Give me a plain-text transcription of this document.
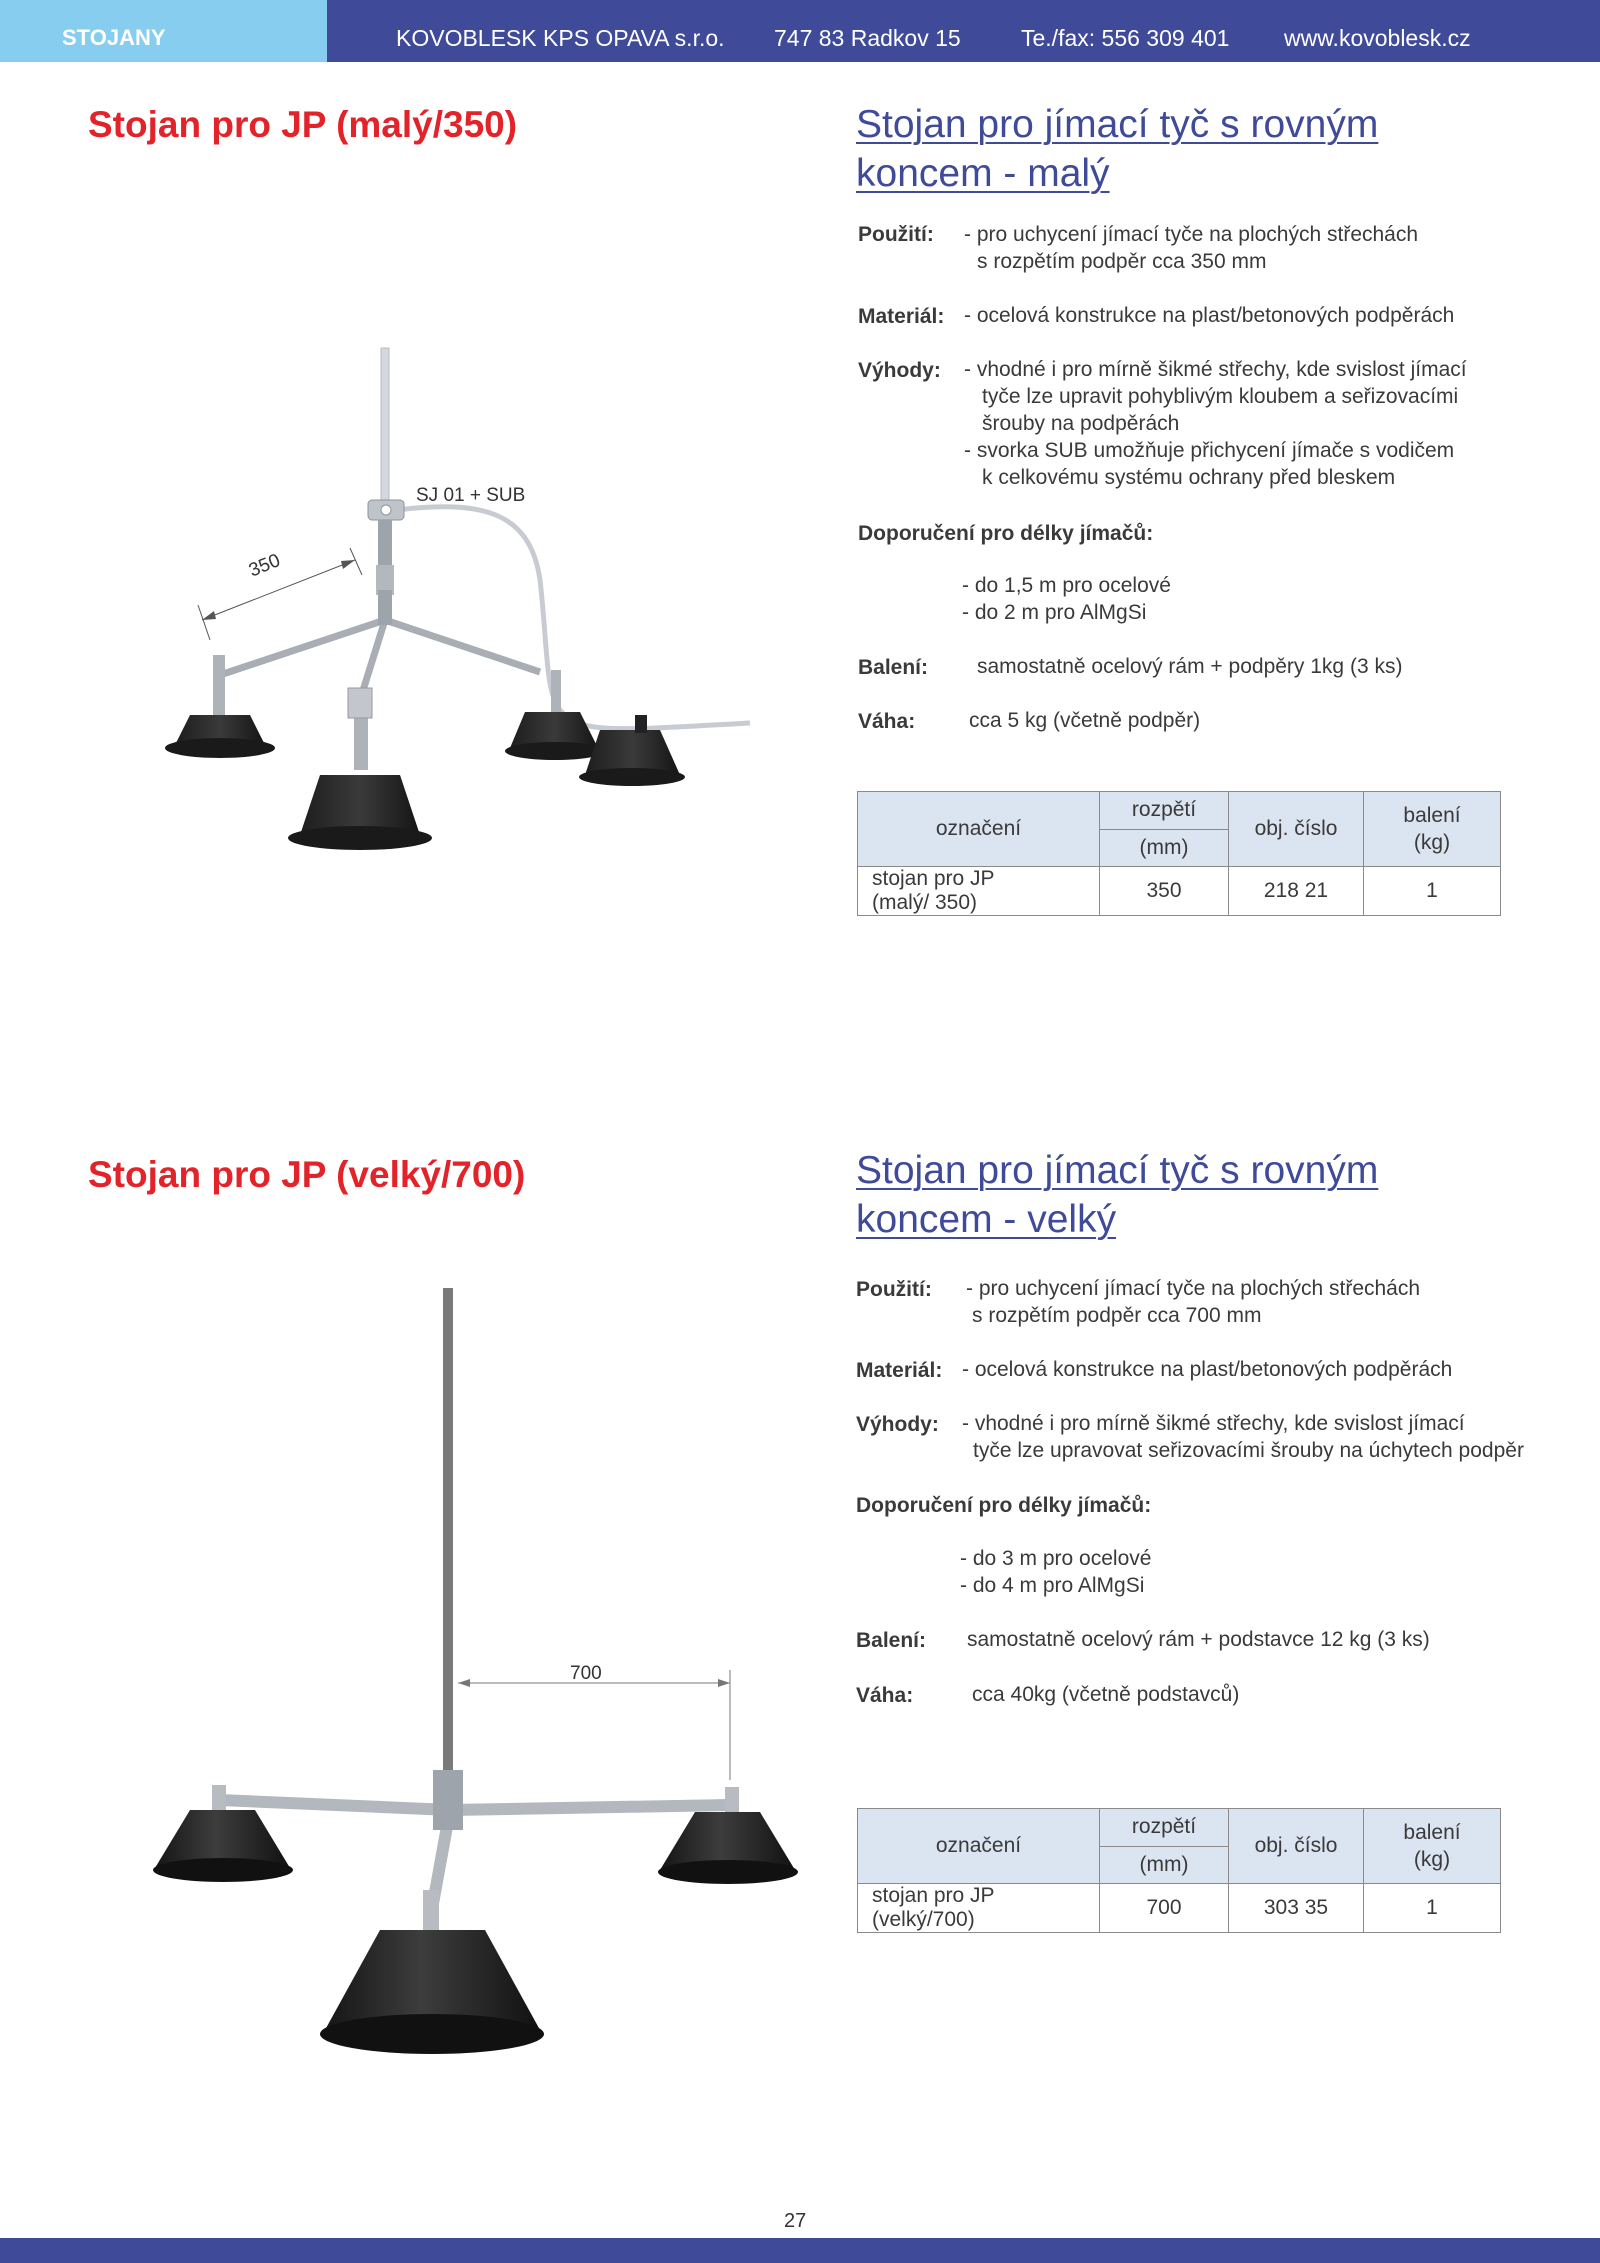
STOJANY	KOVOBLESK KPS OPAVA s.r.o. 747 83 Radkov 15	Te./fax: 556 309 401 www.kovoblesk.cz
Stojan pro JP (malý/350)
350
SJ 01 + SUB
Stojan pro jímací tyč s rovným
koncem - malý
Použití: - pro uchycení jímací tyče na plochých střechách
s rozpětím podpěr cca 350 mm
Materiál: - ocelová konstrukce na plast/betonových podpěrách
Výhody: - vhodné i pro mírně šikmé střechy, kde svislost jímací
tyče lze upravit pohyblivým kloubem a seřizovacími
šrouby na podpěrách
- svorka SUB umožňuje přichycení jímače s vodičem
k celkovému systému ochrany před bleskem
Doporučení pro délky jímačů:
- do 1,5 m pro ocelové
- do 2 m pro AlMgSi
Balení: samostatně ocelový rám + podpěry 1kg (3 ks)
Váha:	cca 5 kg (včetně podpěr)
označení	rozpětí	obj. číslo	balení
(kg)

	(mm)		

stojan pro JP
(malý/ 350)	350	218 21	1
Stojan pro JP (velký/700)
700
Stojan pro jímací tyč s rovným
koncem - velký
Použití: - pro uchycení jímací tyče na plochých střechách
s rozpětím podpěr cca 700 mm
Materiál: - ocelová konstrukce na plast/betonových podpěrách
Výhody: - vhodné i pro mírně šikmé střechy, kde svislost jímací
tyče lze upravovat seřizovacími šrouby na úchytech podpěr
Doporučení pro délky jímačů:
- do 3 m pro ocelové
- do 4 m pro AlMgSi
Balení: samostatně ocelový rám + podstavce 12 kg (3 ks)
Váha:	cca 40kg (včetně podstavců)
označení	rozpětí	obj. číslo	balení
(kg)

	(mm)		

stojan pro JP
(velký/700)	700	303 35	1
27
